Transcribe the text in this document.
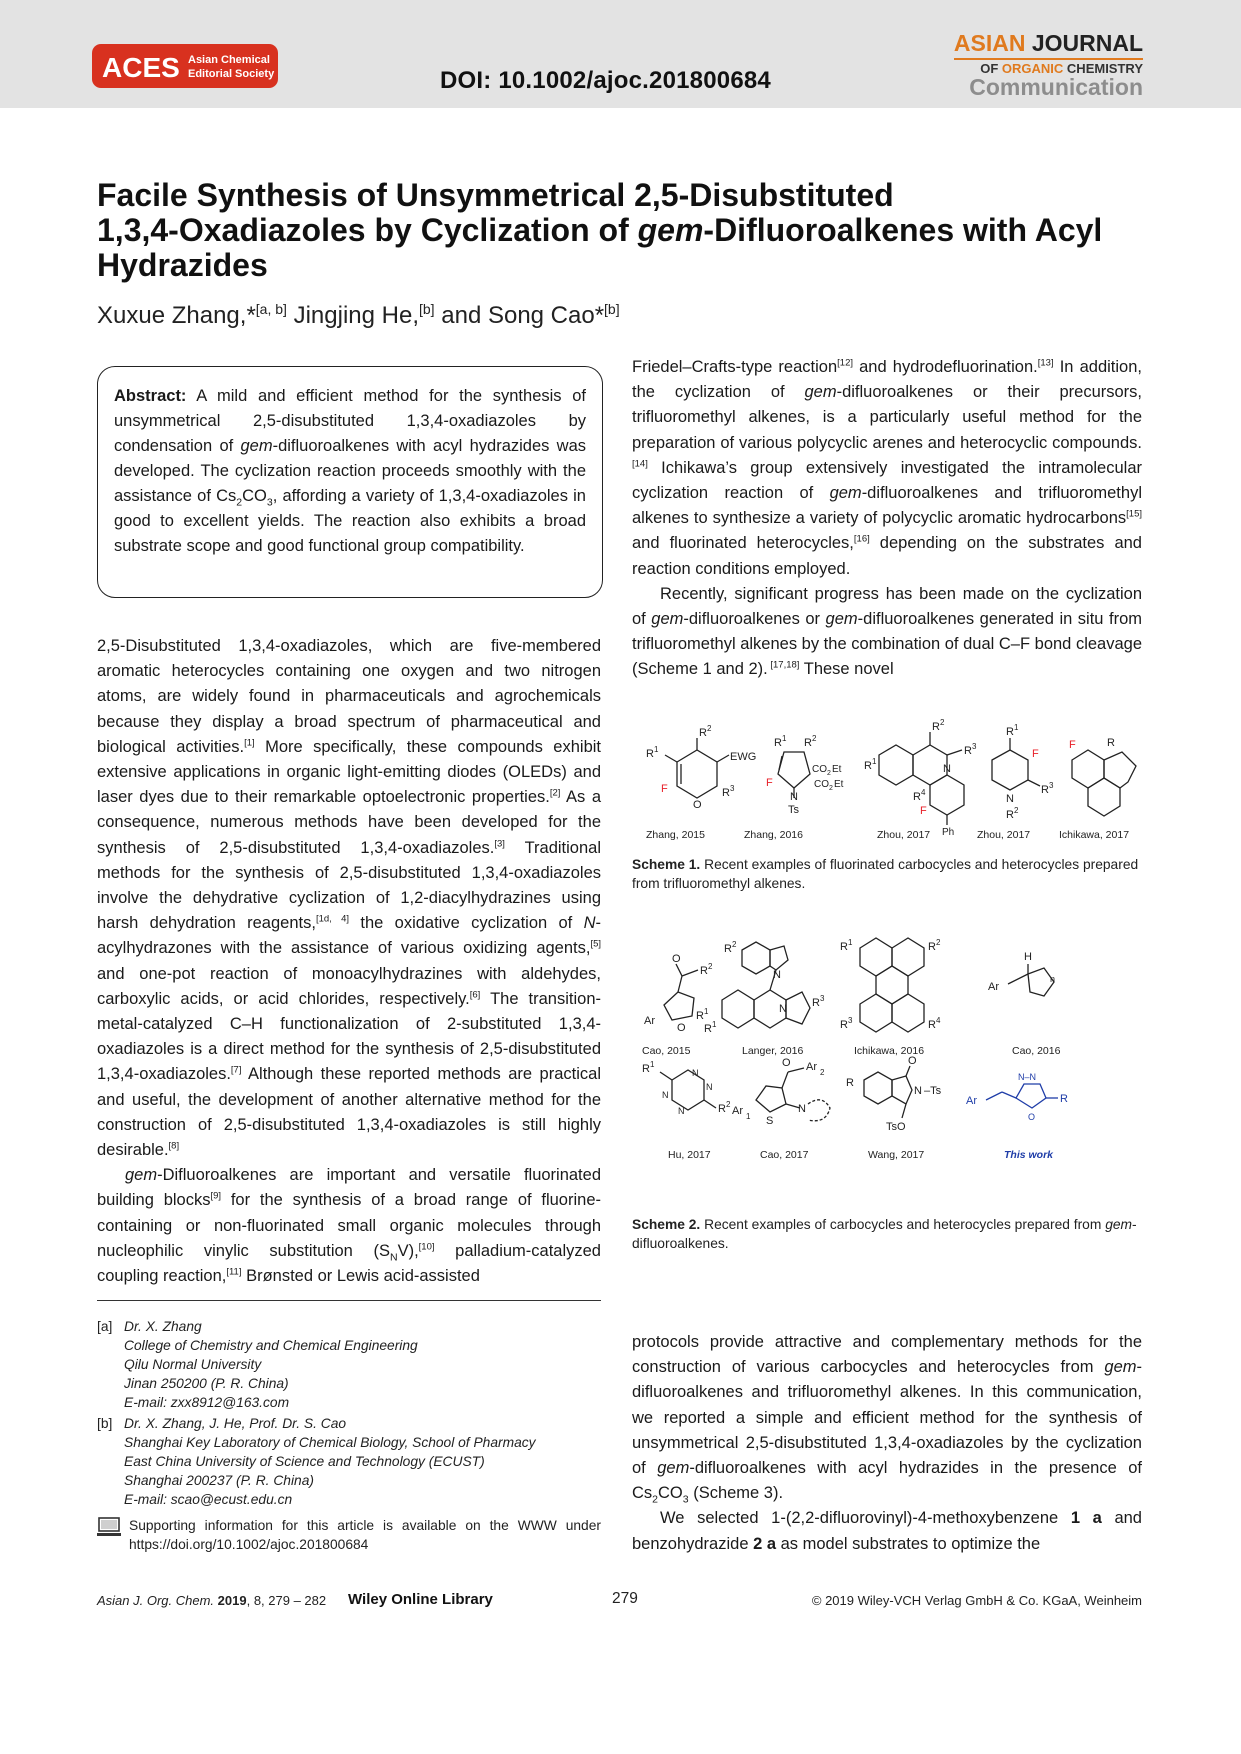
ACES Asian Chemical
Editorial Society	DOI: 10.1002/ajoc.201800684
ASIAN JOURNAL
OF ORGANIC CHEMISTRY
Communication
Facile Synthesis of Unsymmetrical 2,5-Disubstituted
1,3,4-Oxadiazoles by Cyclization of gem-Difluoroalkenes with Acyl
Hydrazides
Xuxue Zhang,*[a, b] Jingjing He,[b] and Song Cao*[b]
Abstract: A mild and efficient method for the synthesis of unsymmetrical 2,5-disubstituted 1,3,4-oxadiazoles by condensation of gem-difluoroalkenes with acyl hydrazides was developed. The cyclization reaction proceeds smoothly with the assistance of $Cs_2CO_3$, affording a variety of 1,3,4-oxadiazoles in good to excellent yields. The reaction also exhibits a broad substrate scope and good functional group compatibility.

2,5-Disubstituted 1,3,4-oxadiazoles, which are five-membered aromatic heterocycles containing one oxygen and two nitrogen atoms, are widely found in pharmaceuticals and agrochemicals because they display a broad spectrum of pharmaceutical and biological activities.[1] More specifically, these compounds exhibit extensive applications in organic light-emitting diodes (OLEDs) and laser dyes due to their remarkable optoelectronic properties.[2] As a consequence, numerous methods have been developed for the synthesis of 2,5-disubstituted 1,3,4-oxadiazoles.[3] Traditional methods for the synthesis of 2,5-disubstituted 1,3,4-oxadiazoles involve the dehydrative cyclization of 1,2-diacylhydrazines using harsh dehydration reagents,[1d, 4] the oxidative cyclization of N-acylhydrazones with the assistance of various oxidizing agents,[5] and one-pot reaction of monoacylhydrazines with aldehydes, carboxylic acids, or acid chlorides, respectively.[6] The transition-metal-catalyzed C–H functionalization of 2-substituted 1,3,4-oxadiazoles is a direct method for the synthesis of 2,5-disubstituted 1,3,4-oxadiazoles.[7] Although these reported methods are practical and useful, the development of another alternative method for the construction of 2,5-disubstituted 1,3,4-oxadiazoles is still highly desirable.[8]

gem-Difluoroalkenes are important and versatile fluorinated building blocks[9] for the synthesis of a broad range of fluorine-containing or non-fluorinated small organic molecules through nucleophilic vinylic substitution $(S_NV),[10]$ palladium-catalyzed coupling reaction,[11] Brønsted or Lewis acid-assisted

[a] Dr. X. Zhang
College of Chemistry and Chemical Engineering
Qilu Normal University
Jinan 250200 (P. R. China)
E-mail: zxx8912@163.com
[b] Dr. X. Zhang, J. He, Prof. Dr. S. Cao
Shanghai Key Laboratory of Chemical Biology, School of Pharmacy
East China University of Science and Technology (ECUST)
Shanghai 200237 (P. R. China)
E-mail: scao@ecust.edu.cn
Supporting information for this article is available on the WWW under https://doi.org/10.1002/ajoc.201800684

Friedel–Crafts-type reaction[12] and hydrodefluorination.[13] In addition, the cyclization of gem-difluoroalkenes or their precursors, trifluoromethyl alkenes, is a particularly useful method for the preparation of various polycyclic arenes and heterocyclic compounds.[14] Ichikawa’s group extensively investigated the intramolecular cyclization reaction of gem-difluoroalkenes and trifluoromethyl alkenes to synthesize a variety of polycyclic aromatic hydrocarbons[15] and fluorinated heterocycles,[16] depending on the substrates and reaction conditions employed.

Recently, significant progress has been made on the cyclization of gem-difluoroalkenes or gem-difluoroalkenes generated in situ from trifluoromethyl alkenes by the combination of dual C–F bond cleavage (Scheme 1 and 2). [17,18] These novel

R 2
R 1
EWG
F
O
R 3
Zhang, 2015
R 1 R 2
CO 2 Et
CO 2 Et
F
N
Ts
Zhang, 2016
R 2
R 1
N
R 3
R 4
F
Ph
Zhou, 2017
R 1
F
N
R 2
R 3
Zhou, 2017
F	R
Ichikawa, 2017
Scheme 1. Recent examples of fluorinated carbocycles and heterocycles prepared from trifluoromethyl alkenes.
O
R 2
Ar
O
R 1
Cao, 2015
R 2
N
N R 3
R 1
Langer, 2016
R 1	R 2
R 3	R 4
Ichikawa, 2016
H
Ar
n
Cao, 2016
R 1
N
N
N
N	R 2
Hu, 2017
O Ar 2
Ar 1 S
N
Cao, 2017
O
N –Ts
R
TsO
Wang, 2017
Ar
N–N
O
R
This work
Scheme 2. Recent examples of carbocycles and heterocycles prepared from gem-difluoroalkenes.

protocols provide attractive and complementary methods for the construction of various carbocycles and heterocycles from gem-difluoroalkenes and trifluoromethyl alkenes. In this communication, we reported a simple and efficient method for the synthesis of unsymmetrical 2,5-disubstituted 1,3,4-oxadiazoles by the cyclization of gem-difluoroalkenes with acyl hydrazides in the presence of $Cs_2CO_3$ (Scheme 3).

We selected 1-(2,2-difluorovinyl)-4-methoxybenzene 1 a and benzohydrazide 2 a as model substrates to optimize the

Asian J. Org. Chem. 2019, 8, 279 – 282 Wiley Online Library	279	© 2019 Wiley-VCH Verlag GmbH & Co. KGaA, Weinheim
